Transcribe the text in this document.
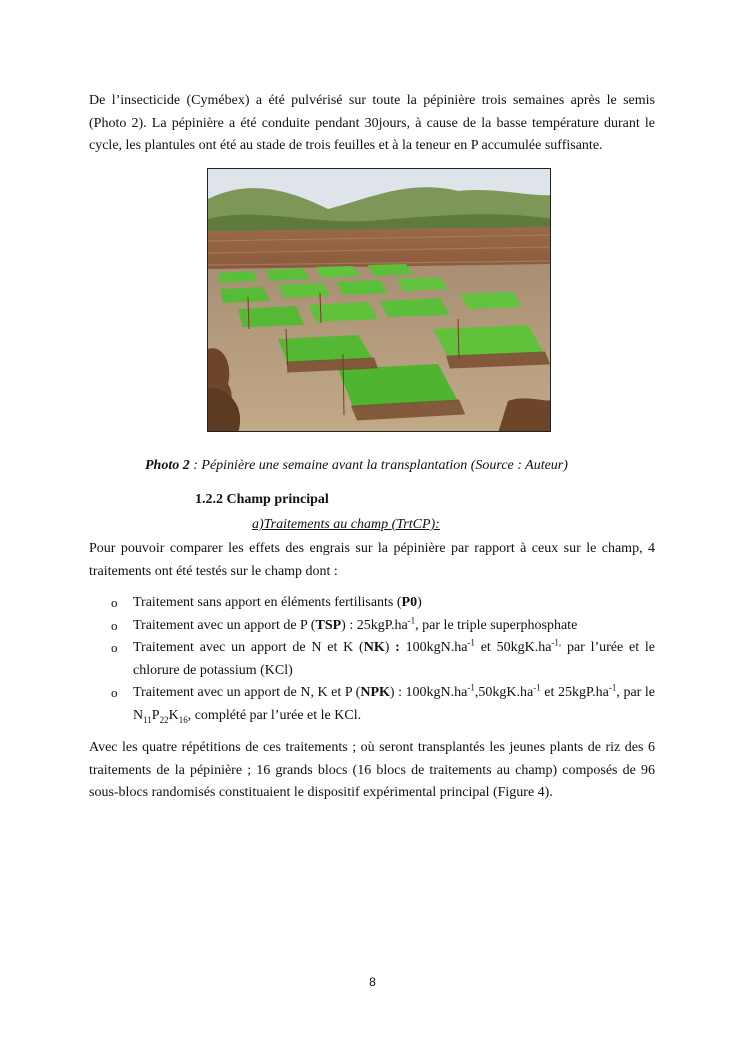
De l’insecticide (Cymébex) a été pulvérisé sur toute la pépinière trois semaines après le semis (Photo 2). La pépinière a été conduite pendant 30jours, à cause de la basse température durant le cycle, les plantules ont été au stade de trois feuilles et à la teneur en P accumulée suffisante.

Photo 2 : Pépinière une semaine avant la transplantation (Source : Auteur)
1.2.2 Champ principal
a)Traitements au champ (TrtCP):

Pour pouvoir comparer les effets des engrais sur la pépinière par rapport à ceux sur le champ, 4 traitements ont été testés sur le champ dont :

o Traitement sans apport en éléments fertilisants (P0)
o Traitement avec un apport de P (TSP) : $25kgP.ha^{-1}$, par le triple superphosphate
o Traitement avec un apport de N et K (NK) : $100kgN.ha^{-1}$ et $50kgK.ha^{-1,}$ par l’urée et le chlorure de potassium (KCl)
o Traitement avec un apport de N, K et P (NPK) : $100kgN.ha^{-1},50kgK.ha^{-1}$ et $25kgP.ha^{-1}$, par le $N_{11}P_{22}K_{16}$, complété par l’urée et le KCl.

Avec les quatre répétitions de ces traitements ; où seront transplantés les jeunes plants de riz des 6 traitements de la pépinière ; 16 grands blocs (16 blocs de traitements au champ) composés de 96 sous-blocs randomisés constituaient le dispositif expérimental principal (Figure 4).

8
